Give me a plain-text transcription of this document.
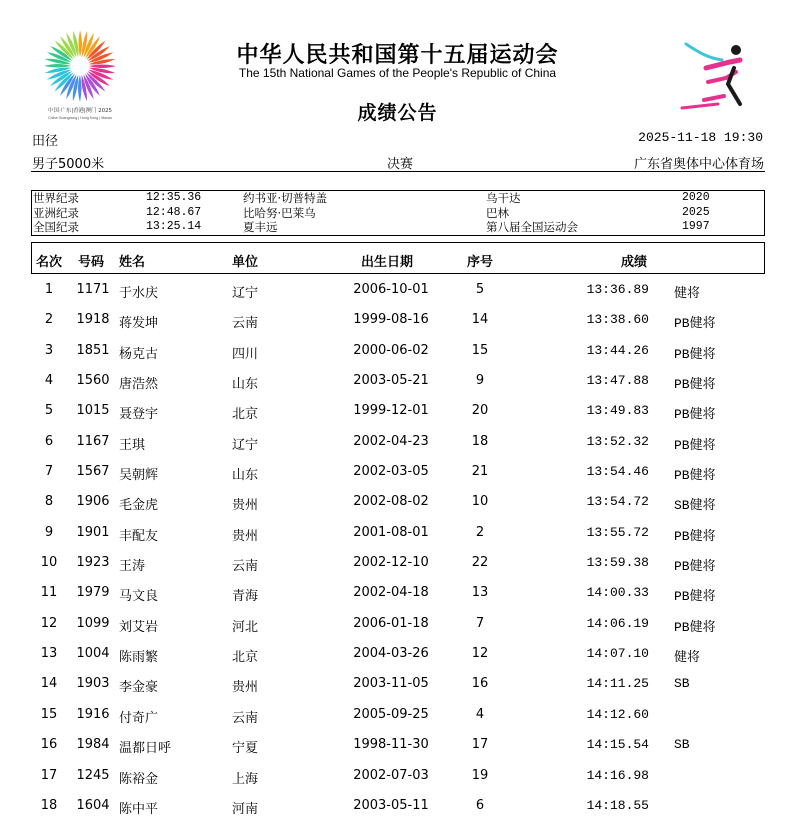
中国·广东|香港|澳门 2025
China·Guangdong | Hong Kong | Macao
中华人民共和国第十五届运动会
The 15th National Games of the People's Republic of China
成绩公告
田径	2025-11-18 19:30
男子5000米	决赛	广东省奥体中心体育场
世界纪录	12:35.36	约书亚·切普特盖	乌干达	2020
亚洲纪录	12:48.67	比哈努·巴莱乌	巴林	2025
全国纪录	13:25.14	夏丰远	第八届全国运动会	1997
名次 号码 姓名	单位	出生日期	序号	成绩
1	1171 于水庆	辽宁	2006-10-01	5	13:36.89 健将
2	1918 蒋发坤	云南	1999-08-16	14	13:38.60 PB健将
3	1851 杨克古	四川	2000-06-02	15	13:44.26 PB健将
4	1560 唐浩然	山东	2003-05-21	9	13:47.88 PB健将
5	1015 聂登宇	北京	1999-12-01	20	13:49.83 PB健将
6	1167 王琪	辽宁	2002-04-23	18	13:52.32 PB健将
7	1567 吴朝辉	山东	2002-03-05	21	13:54.46 PB健将
8	1906 毛金虎	贵州	2002-08-02	10	13:54.72 SB健将
9	1901 丰配友	贵州	2001-08-01	2	13:55.72 PB健将
10	1923 王涛	云南	2002-12-10	22	13:59.38 PB健将
11	1979 马文良	青海	2002-04-18	13	14:00.33 PB健将
12	1099 刘艾岩	河北	2006-01-18	7	14:06.19 PB健将
13	1004 陈雨繁	北京	2004-03-26	12	14:07.10 健将
14	1903 李金豪	贵州	2003-11-05	16	14:11.25 SB
15	1916 付奇广	云南	2005-09-25	4	14:12.60
16	1984 温都日呼	宁夏	1998-11-30	17	14:15.54 SB
17	1245 陈裕金	上海	2002-07-03	19	14:16.98
18	1604 陈中平	河南	2003-05-11	6	14:18.55
